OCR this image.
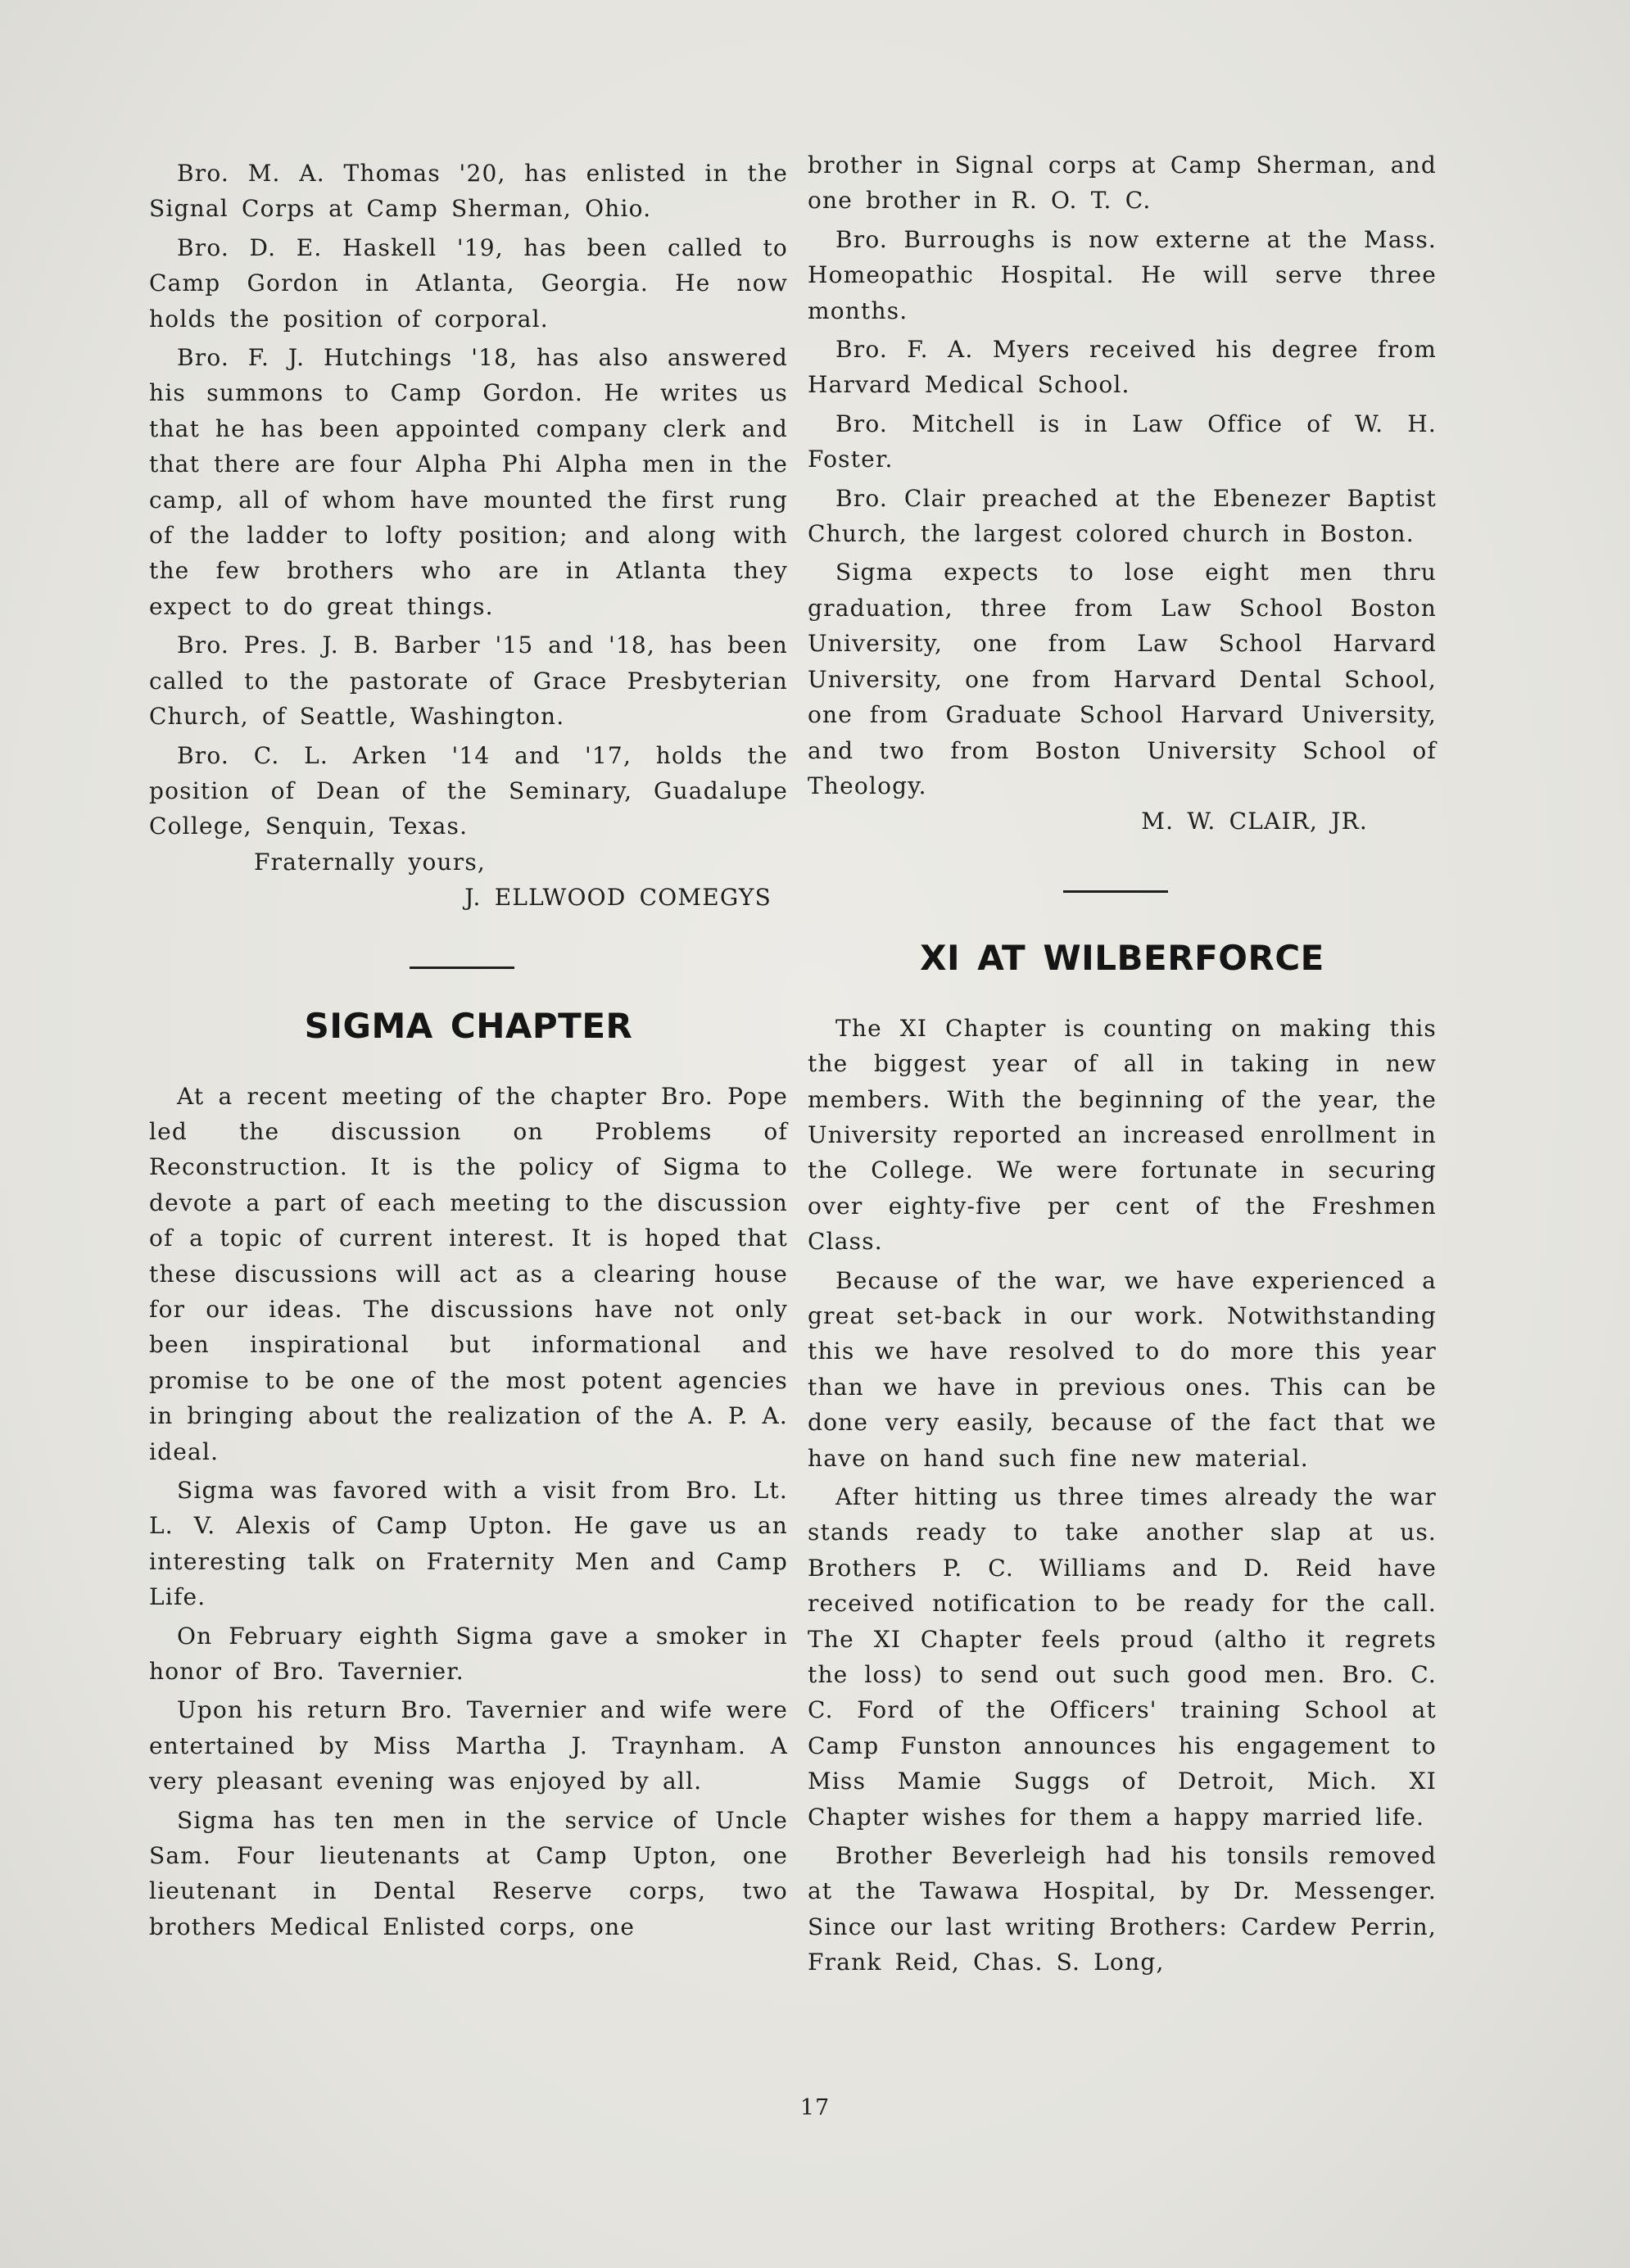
Bro. M. A. Thomas '20, has enlisted in the Signal Corps at Camp Sherman, Ohio.

Bro. D. E. Haskell '19, has been called to Camp Gordon in Atlanta, Georgia. He now holds the position of corporal.

Bro. F. J. Hutchings '18, has also answered his summons to Camp Gordon. He writes us that he has been appointed company clerk and that there are four Alpha Phi Alpha men in the camp, all of whom have mounted the first rung of the ladder to lofty position; and along with the few brothers who are in Atlanta they expect to do great things.

Bro. Pres. J. B. Barber '15 and '18, has been called to the pastorate of Grace Presbyterian Church, of Seattle, Washington.

Bro. C. L. Arken '14 and '17, holds the position of Dean of the Seminary, Guadalupe College, Senquin, Texas.

Fraternally yours,

J. ELLWOOD COMEGYS

SIGMA CHAPTER

At a recent meeting of the chapter Bro. Pope led the discussion on Problems of Reconstruction. It is the policy of Sigma to devote a part of each meeting to the discussion of a topic of current interest. It is hoped that these discussions will act as a clearing house for our ideas. The discussions have not only been inspirational but informational and promise to be one of the most potent agencies in bringing about the realization of the A. P. A. ideal.

Sigma was favored with a visit from Bro. Lt. L. V. Alexis of Camp Upton. He gave us an interesting talk on Fraternity Men and Camp Life.

On February eighth Sigma gave a smoker in honor of Bro. Tavernier.

Upon his return Bro. Tavernier and wife were entertained by Miss Martha J. Traynham. A very pleasant evening was enjoyed by all.

Sigma has ten men in the service of Uncle Sam. Four lieutenants at Camp Upton, one lieutenant in Dental Reserve corps, two brothers Medical Enlisted corps, one

brother in Signal corps at Camp Sherman, and one brother in R. O. T. C.

Bro. Burroughs is now externe at the Mass. Homeopathic Hospital. He will serve three months.

Bro. F. A. Myers received his degree from Harvard Medical School.

Bro. Mitchell is in Law Office of W. H. Foster.

Bro. Clair preached at the Ebenezer Baptist Church, the largest colored church in Boston.

Sigma expects to lose eight men thru graduation, three from Law School Boston University, one from Law School Harvard University, one from Harvard Dental School, one from Graduate School Harvard University, and two from Boston University School of Theology.

M. W. CLAIR, JR.

XI AT WILBERFORCE

The XI Chapter is counting on making this the biggest year of all in taking in new members. With the beginning of the year, the University reported an increased enrollment in the College. We were fortunate in securing over eighty-five per cent of the Freshmen Class.

Because of the war, we have experienced a great set-back in our work. Notwithstanding this we have resolved to do more this year than we have in previous ones. This can be done very easily, because of the fact that we have on hand such fine new material.

After hitting us three times already the war stands ready to take another slap at us. Brothers P. C. Williams and D. Reid have received notification to be ready for the call. The XI Chapter feels proud (altho it regrets the loss) to send out such good men. Bro. C. C. Ford of the Officers' training School at Camp Funston announces his engagement to Miss Mamie Suggs of Detroit, Mich. XI Chapter wishes for them a happy married life.

Brother Beverleigh had his tonsils removed at the Tawawa Hospital, by Dr. Messenger. Since our last writing Brothers: Cardew Perrin, Frank Reid, Chas. S. Long,

17
